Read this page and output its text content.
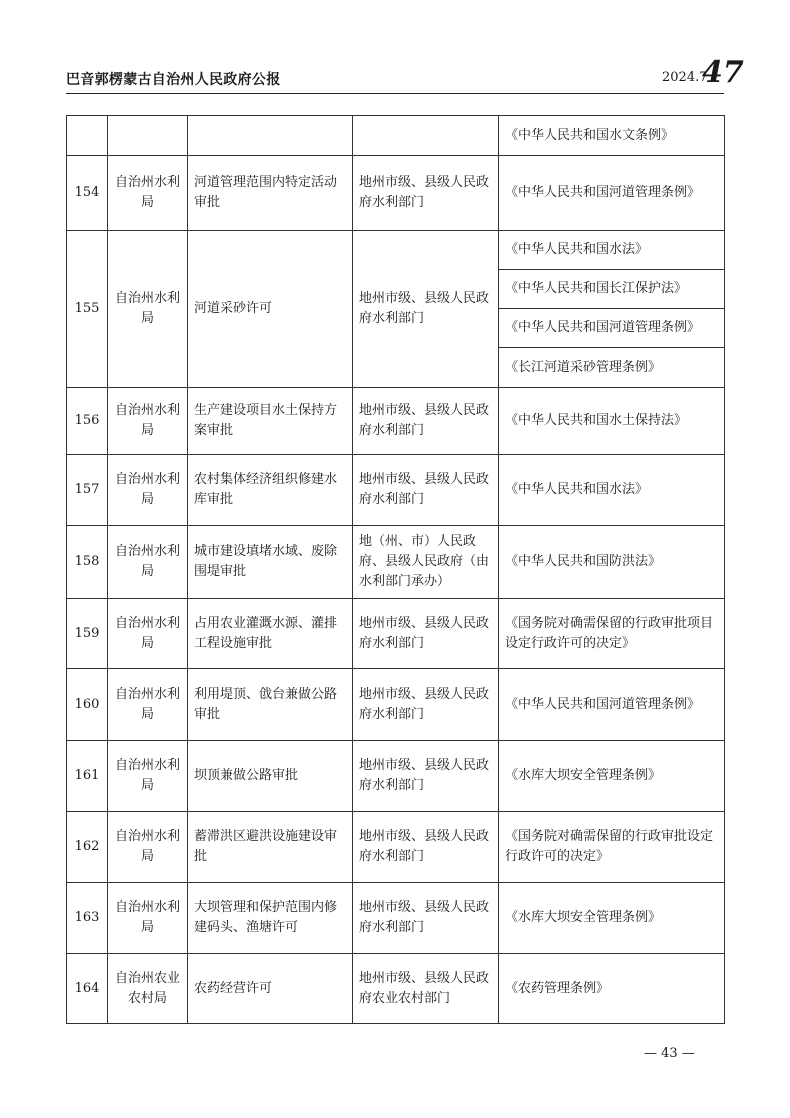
巴音郭楞蒙古自治州人民政府公报	2024.7
47
				《中华人民共和国水文条例》
154	自治州水利局	河道管理范围内特定活动审批	地州市级、县级人民政府水利部门	《中华人民共和国河道管理条例》
155	自治州水利局	河道采砂许可	地州市级、县级人民政府水利部门	《中华人民共和国水法》
				《中华人民共和国长江保护法》
				《中华人民共和国河道管理条例》
				《长江河道采砂管理条例》
156	自治州水利局	生产建设项目水土保持方案审批	地州市级、县级人民政府水利部门	《中华人民共和国水土保持法》
157	自治州水利局	农村集体经济组织修建水库审批	地州市级、县级人民政府水利部门	《中华人民共和国水法》
158	自治州水利局	城市建设填堵水域、废除围堤审批	地（州、市）人民政府、县级人民政府（由水利部门承办）	《中华人民共和国防洪法》
159	自治州水利局	占用农业灌溉水源、灌排工程设施审批	地州市级、县级人民政府水利部门	《国务院对确需保留的行政审批项目设定行政许可的决定》
160	自治州水利局	利用堤顶、戗台兼做公路审批	地州市级、县级人民政府水利部门	《中华人民共和国河道管理条例》
161	自治州水利局	坝顶兼做公路审批	地州市级、县级人民政府水利部门	《水库大坝安全管理条例》
162	自治州水利局	蓄滞洪区避洪设施建设审批	地州市级、县级人民政府水利部门	《国务院对确需保留的行政审批设定行政许可的决定》
163	自治州水利局	大坝管理和保护范围内修建码头、渔塘许可	地州市级、县级人民政府水利部门	《水库大坝安全管理条例》
164	自治州农业农村局	农药经营许可	地州市级、县级人民政府农业农村部门	《农药管理条例》
— 43 —
